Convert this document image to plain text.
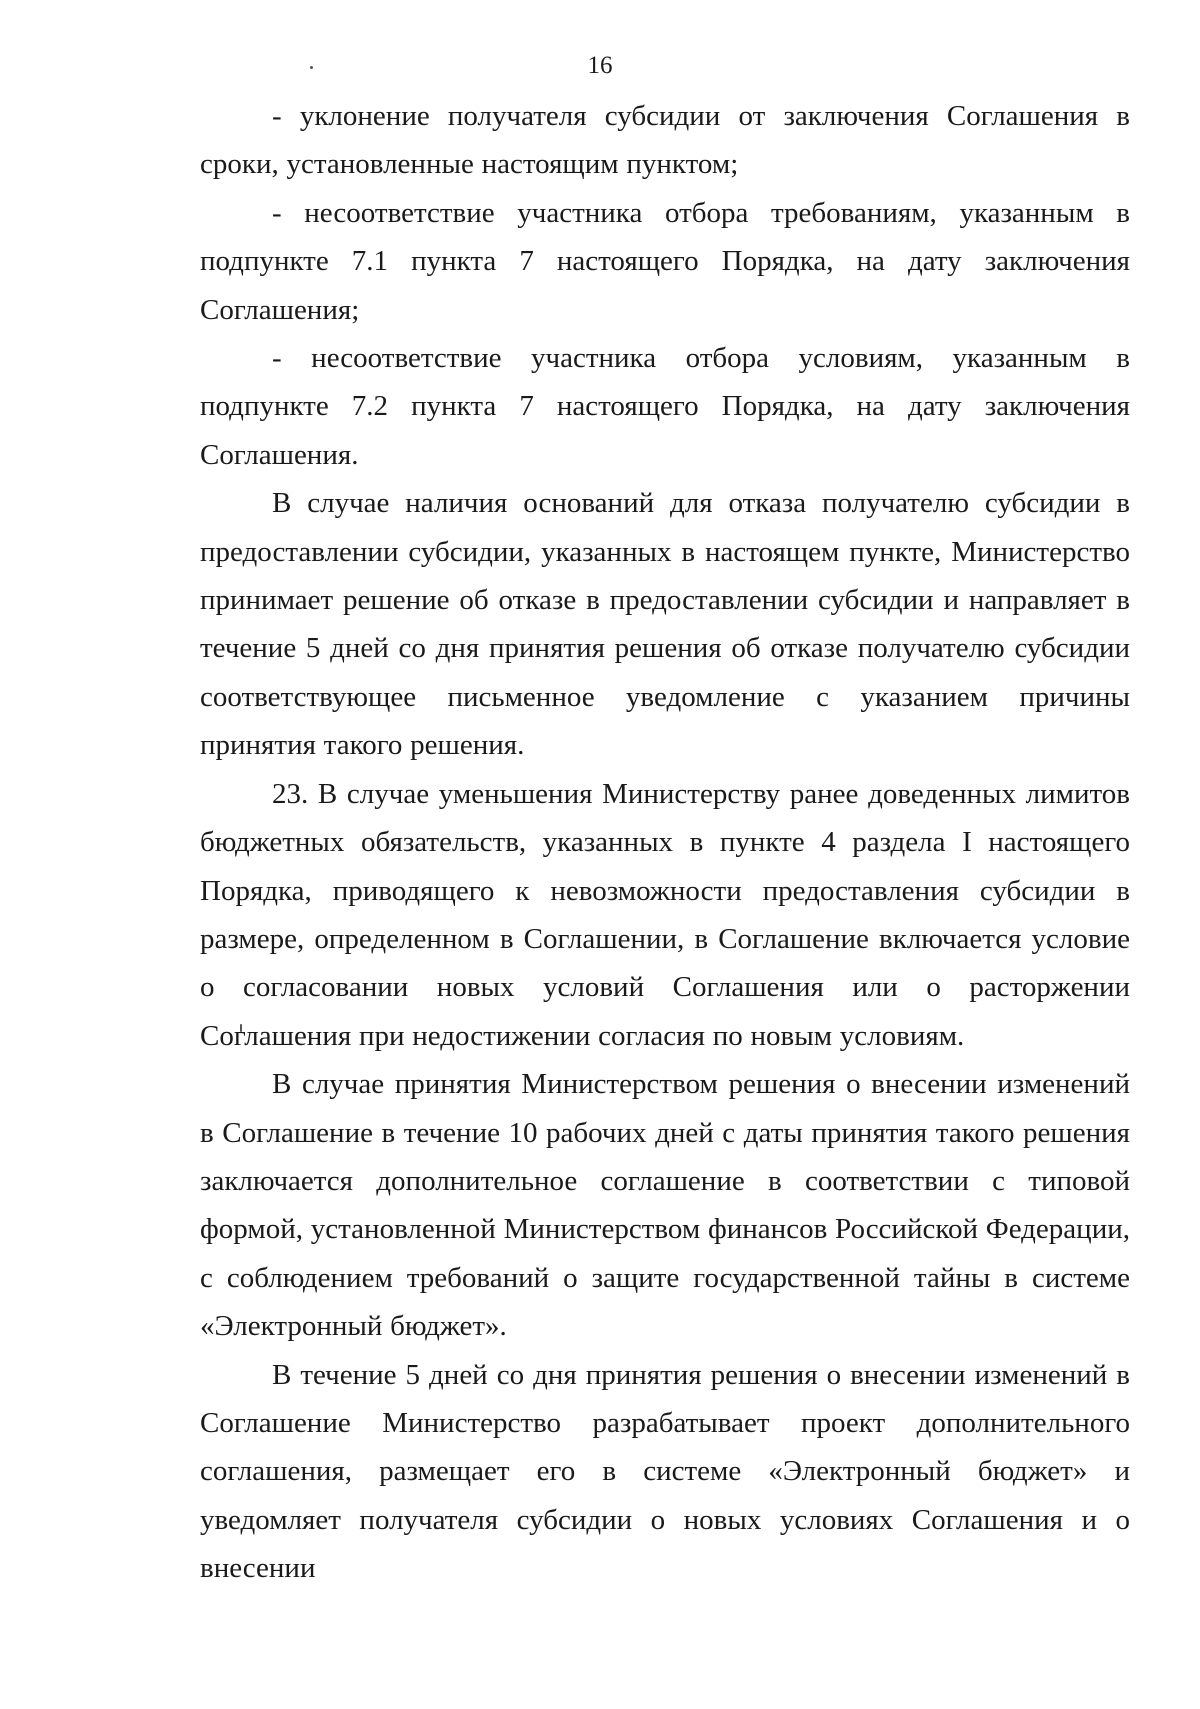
16

- уклонение получателя субсидии от заключения Соглашения в сроки, установленные настоящим пунктом;

- несоответствие участника отбора требованиям, указанным в подпункте 7.1 пункта 7 настоящего Порядка, на дату заключения Соглашения;

- несоответствие участника отбора условиям, указанным в подпункте 7.2 пункта 7 настоящего Порядка, на дату заключения Соглашения.

В случае наличия оснований для отказа получателю субсидии в предоставлении субсидии, указанных в настоящем пункте, Министерство принимает решение об отказе в предоставлении субсидии и направляет в течение 5 дней со дня принятия решения об отказе получателю субсидии соответствующее письменное уведомление с указанием причины принятия такого решения.

23. В случае уменьшения Министерству ранее доведенных лимитов бюджетных обязательств, указанных в пункте 4 раздела I настоящего Порядка, приводящего к невозможности предоставления субсидии в размере, определенном в Соглашении, в Соглашение включается условие о согласовании новых условий Соглашения или о расторжении Соглашения при недостижении согласия по новым условиям.

В случае принятия Министерством решения о внесении изменений в Соглашение в течение 10 рабочих дней с даты принятия такого решения заключается дополнительное соглашение в соответствии с типовой формой, установленной Министерством финансов Российской Федерации, с соблюдением требований о защите государственной тайны в системе «Электронный бюджет».

В течение 5 дней со дня принятия решения о внесении изменений в Соглашение Министерство разрабатывает проект дополнительного соглашения, размещает его в системе «Электронный бюджет» и уведомляет получателя субсидии о новых условиях Соглашения и о внесении
